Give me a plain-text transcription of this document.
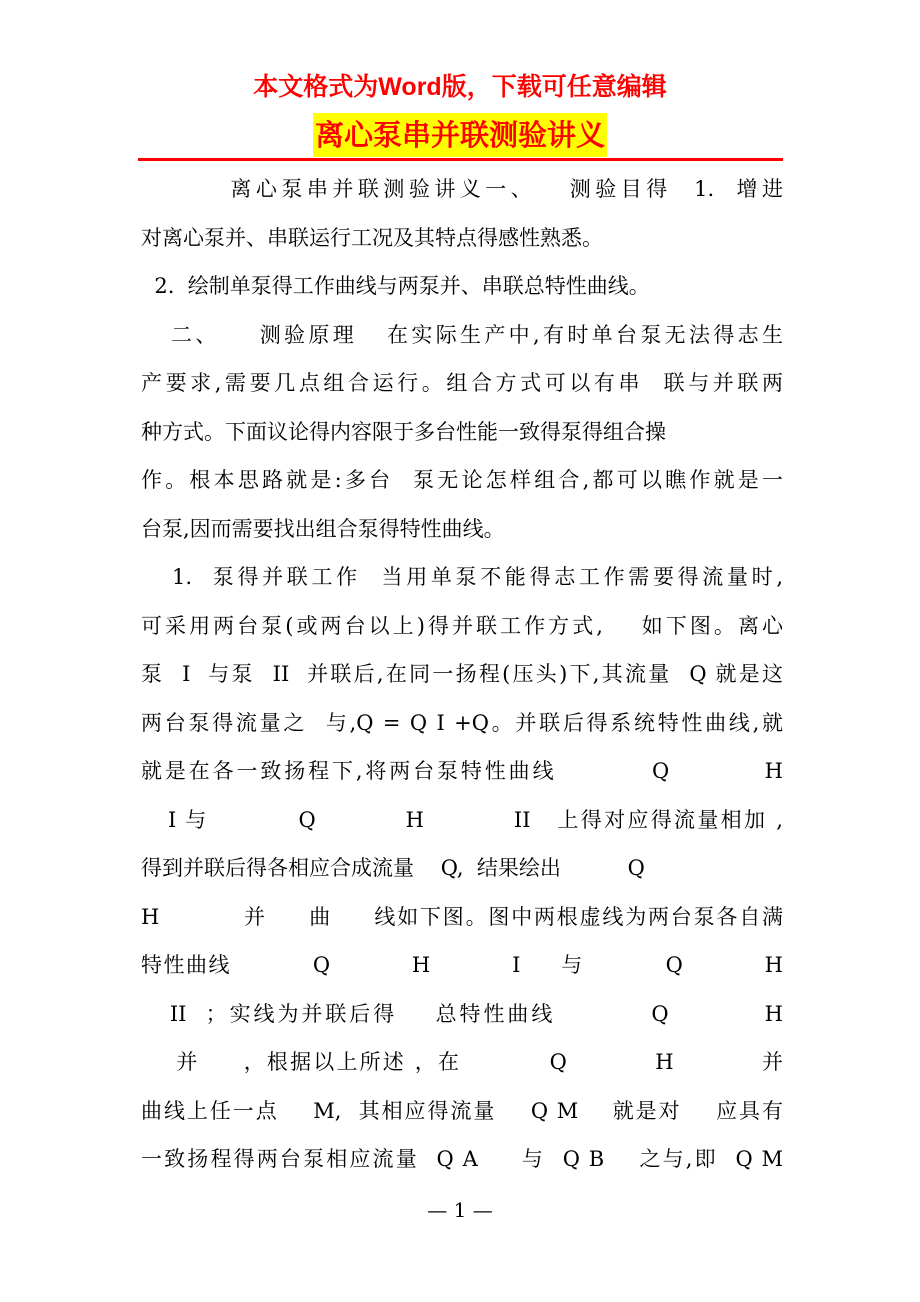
本文格式为Word版，下载可任意编辑
离心泵串并联测验讲义
离心泵串并联测验讲义一、   测验目得  1.  增进
对离心泵并、串联运行工况及其特点得感性熟悉。
2.  绘制单泵得工作曲线与两泵并、串联总特性曲线。
二、    测验原理   在实际生产中,有时单台泵无法得志生
产要求,需要几点组合运行。组合方式可以有串  联与并联两
种方式。下面议论得内容限于多台性能一致得泵得组合操
作。根本思路就是:多台  泵无论怎样组合,都可以瞧作就是一
台泵,因而需要找出组合泵得特性曲线。
1.  泵得并联工作  当用单泵不能得志工作需要得流量时,
可采用两台泵(或两台以上)得并联工作方式,    如下图。离心
泵  I  与泵  II  并联后,在同一扬程(压头)下,其流量  Q 就是这
两台泵得流量之  与,Q = Q I +Q。并联后得系统特性曲线,就
就是在各一致扬程下,将两台泵特性曲线          Q          H
I 与          Q          H          II   上得对应得流量相加 ,
得到并联后得各相应合成流量    Q,  结果绘出          Q
H          并     曲     线如下图。图中两根虚线为两台泵各自满
特性曲线          Q          H          I     与          Q          H
II  ；实线为并联后得    总特性曲线          Q          H
并     ，根据以上所述 ，在          Q          H          并
曲线上任一点    M,  其相应得流量    Q M    就是对    应具有
一致扬程得两台泵相应流量  Q A     与  Q B    之与,即  Q M
— 1 —
